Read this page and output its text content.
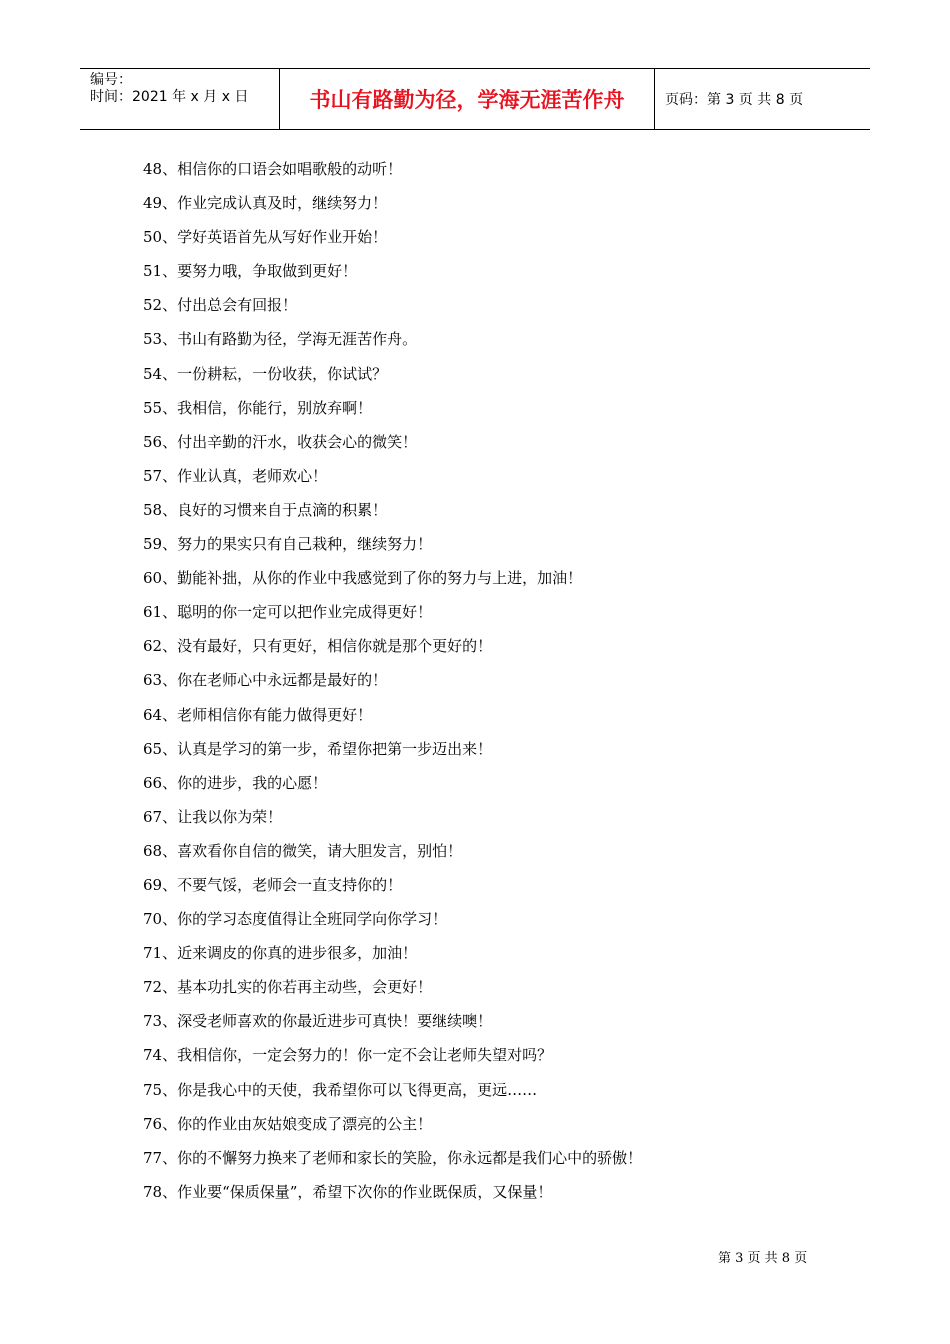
编号：
时间：2021 年 x 月 x 日	书山有路勤为径，学海无涯苦作舟	页码：第 3 页 共 8 页
48、相信你的口语会如唱歌般的动听！
49、作业完成认真及时，继续努力！
50、学好英语首先从写好作业开始！
51、要努力哦，争取做到更好！
52、付出总会有回报！
53、书山有路勤为径，学海无涯苦作舟。
54、一份耕耘，一份收获，你试试？
55、我相信，你能行，别放弃啊！
56、付出辛勤的汗水，收获会心的微笑！
57、作业认真，老师欢心！
58、良好的习惯来自于点滴的积累！
59、努力的果实只有自己栽种，继续努力！
60、勤能补拙，从你的作业中我感觉到了你的努力与上进，加油！
61、聪明的你一定可以把作业完成得更好！
62、没有最好，只有更好，相信你就是那个更好的！
63、你在老师心中永远都是最好的！
64、老师相信你有能力做得更好！
65、认真是学习的第一步，希望你把第一步迈出来！
66、你的进步，我的心愿！
67、让我以你为荣！
68、喜欢看你自信的微笑，请大胆发言，别怕！
69、不要气馁，老师会一直支持你的！
70、你的学习态度值得让全班同学向你学习！
71、近来调皮的你真的进步很多，加油！
72、基本功扎实的你若再主动些，会更好！
73、深受老师喜欢的你最近进步可真快！要继续噢！
74、我相信你，一定会努力的！你一定不会让老师失望对吗？
75、你是我心中的天使，我希望你可以飞得更高，更远……
76、你的作业由灰姑娘变成了漂亮的公主！
77、你的不懈努力换来了老师和家长的笑脸，你永远都是我们心中的骄傲！
78、作业要“保质保量”，希望下次你的作业既保质，又保量！
第 3 页 共 8 页
